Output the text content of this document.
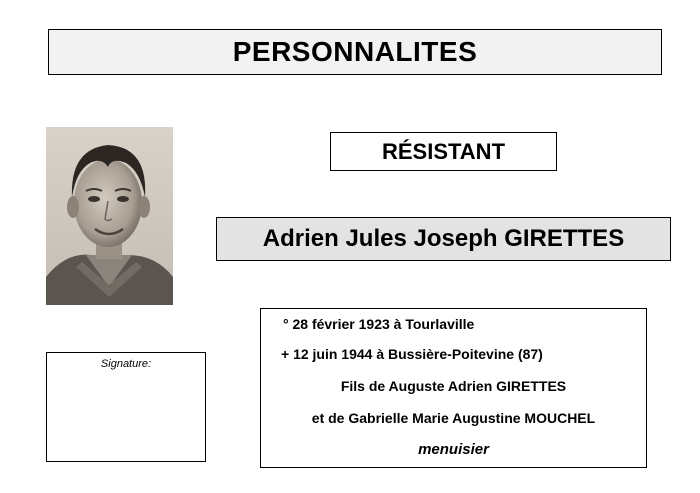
PERSONNALITES
RÉSISTANT
Adrien Jules Joseph GIRETTES
Signature:
° 28 février 1923 à Tourlaville
+ 12 juin 1944 à Bussière-Poitevine (87)
Fils de Auguste Adrien GIRETTES
et de Gabrielle Marie Augustine MOUCHEL
menuisier
